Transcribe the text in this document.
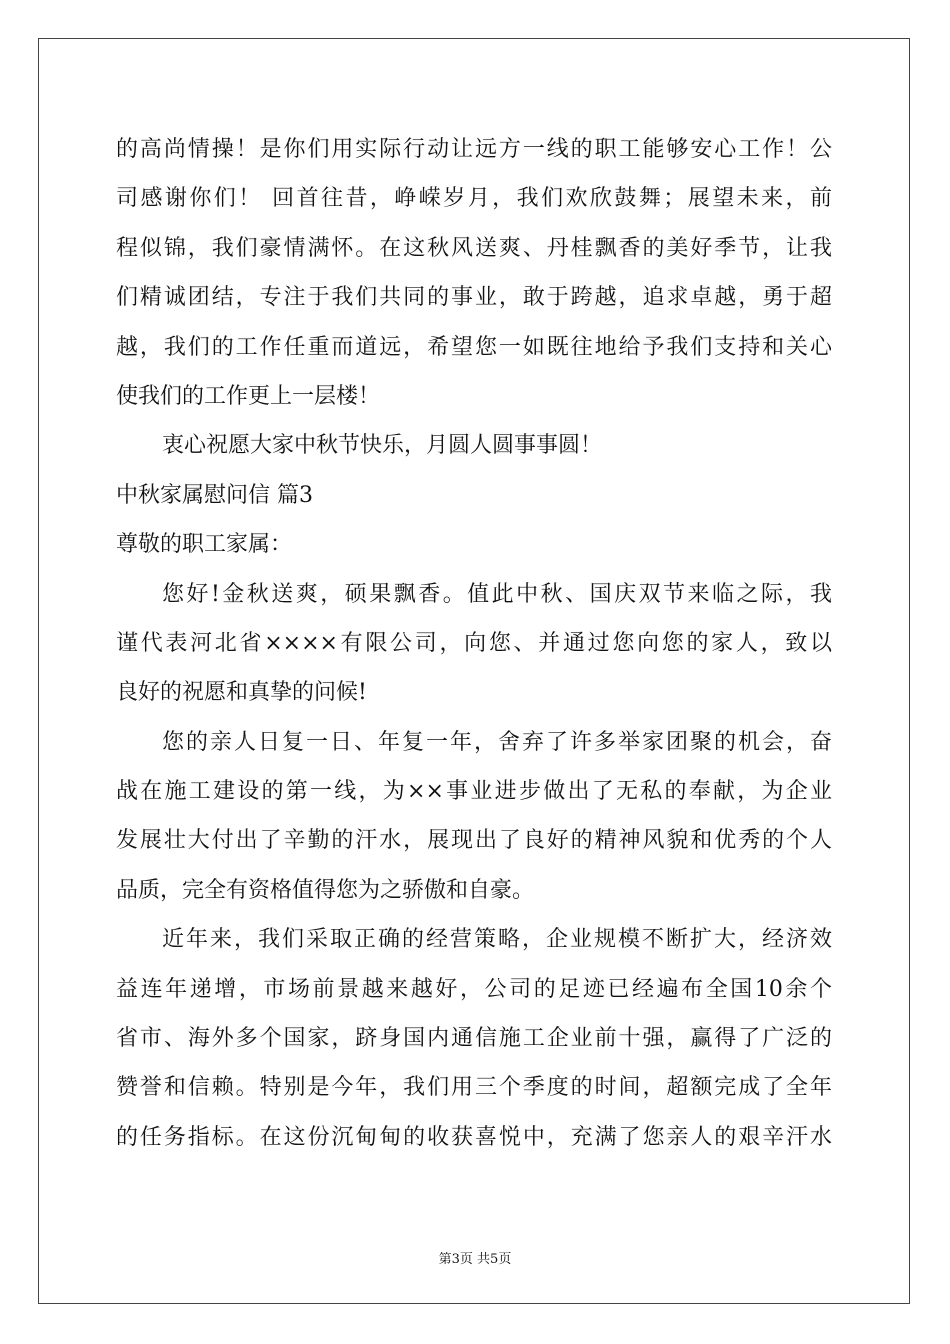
的高尚情操！是你们用实际行动让远方一线的职工能够安心工作！公
司感谢你们！ 回首往昔，峥嵘岁月，我们欢欣鼓舞；展望未来，前
程似锦，我们豪情满怀。在这秋风送爽、丹桂飘香的美好季节，让我
们精诚团结，专注于我们共同的事业，敢于跨越，追求卓越，勇于超
越，我们的工作任重而道远，希望您一如既往地给予我们支持和关心
使我们的工作更上一层楼！
衷心祝愿大家中秋节快乐，月圆人圆事事圆！
中秋家属慰问信 篇3
尊敬的职工家属：
您好!金秋送爽，硕果飘香。值此中秋、国庆双节来临之际，我
谨代表河北省××××有限公司，向您、并通过您向您的家人，致以
良好的祝愿和真挚的问候!
您的亲人日复一日、年复一年，舍弃了许多举家团聚的机会，奋
战在施工建设的第一线，为××事业进步做出了无私的奉献，为企业
发展壮大付出了辛勤的汗水，展现出了良好的精神风貌和优秀的个人
品质，完全有资格值得您为之骄傲和自豪。
近年来，我们采取正确的经营策略，企业规模不断扩大，经济效
益连年递增，市场前景越来越好，公司的足迹已经遍布全国10余个
省市、海外多个国家，跻身国内通信施工企业前十强，赢得了广泛的
赞誉和信赖。特别是今年，我们用三个季度的时间，超额完成了全年
的任务指标。在这份沉甸甸的收获喜悦中，充满了您亲人的艰辛汗水
第3页 共5页
